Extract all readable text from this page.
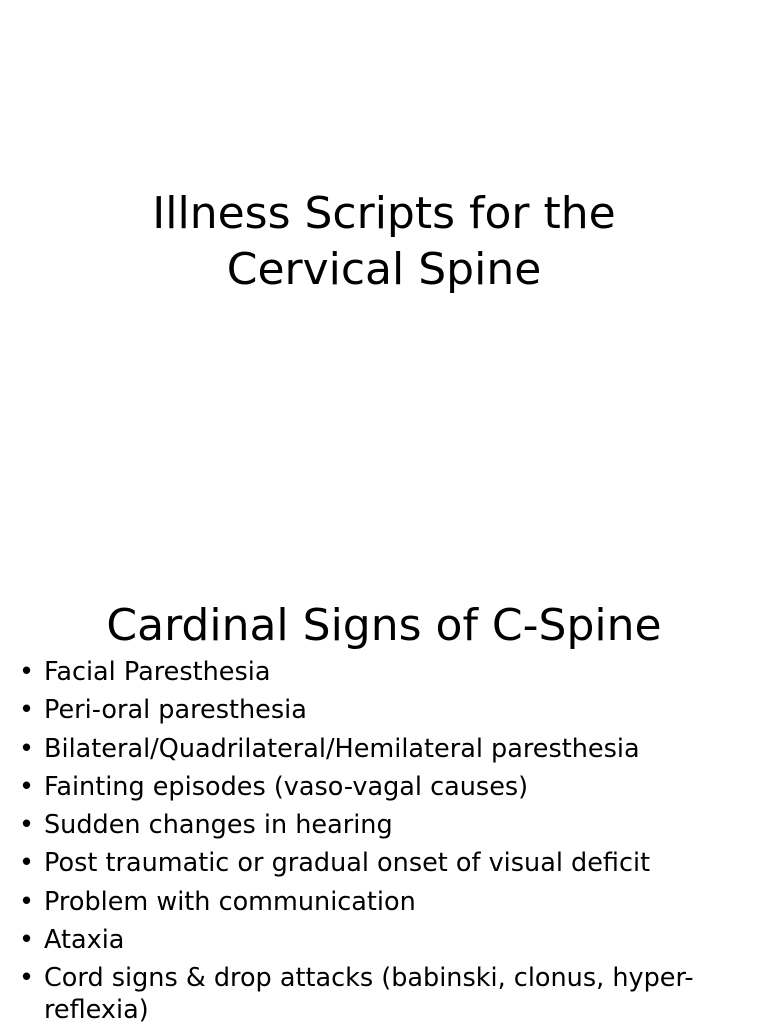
Illness Scripts for the
Cervical Spine
Cardinal Signs of C-Spine
• Facial Paresthesia
• Peri-oral paresthesia
• Bilateral/Quadrilateral/Hemilateral paresthesia
• Fainting episodes (vaso-vagal causes)
• Sudden changes in hearing
• Post traumatic or gradual onset of visual deficit
• Problem with communication
• Ataxia
• Cord signs & drop attacks (babinski, clonus, hyper-reflexia)
